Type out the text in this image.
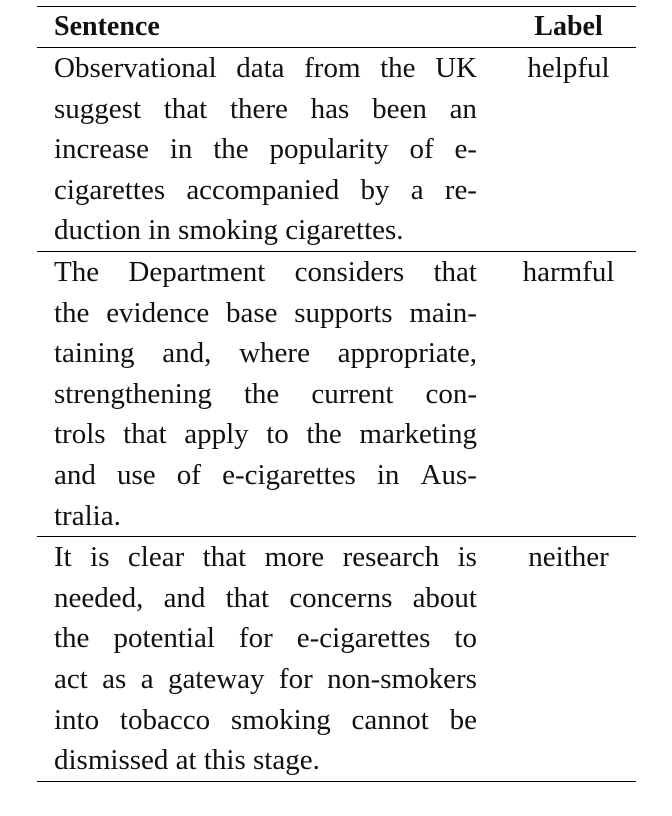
Sentence	Label
Observational data from the UK
suggest that there has been an
increase in the popularity of e-
cigarettes accompanied by a re-
duction in smoking cigarettes.
helpful
The Department considers that
the evidence base supports main-
taining and, where appropriate,
strengthening the current con-
trols that apply to the marketing
and use of e-cigarettes in Aus-
tralia.
harmful
It is clear that more research is
needed, and that concerns about
the potential for e-cigarettes to
act as a gateway for non-smokers
into tobacco smoking cannot be
dismissed at this stage.
neither
